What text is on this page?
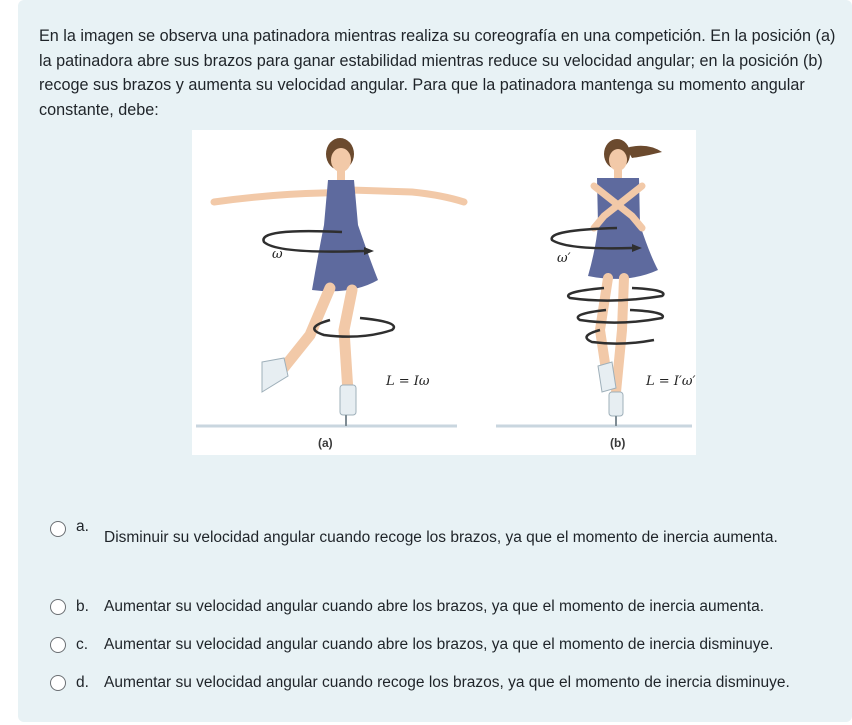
En la imagen se observa una patinadora mientras realiza su coreografía en una competición. En la posición (a) la patinadora abre sus brazos para ganar estabilidad mientras reduce su velocidad angular; en la posición (b) recoge sus brazos y aumenta su velocidad angular. Para que la patinadora mantenga su momento angular constante, debe:
ω
L = Iω
(a)
ω′
L = I′ω′
(b)
a.
Disminuir su velocidad angular cuando recoge los brazos, ya que el momento de inercia aumenta.
b. Aumentar su velocidad angular cuando abre los brazos, ya que el momento de inercia aumenta.
c.	Aumentar su velocidad angular cuando abre los brazos, ya que el momento de inercia disminuye.
d. Aumentar su velocidad angular cuando recoge los brazos, ya que el momento de inercia disminuye.
